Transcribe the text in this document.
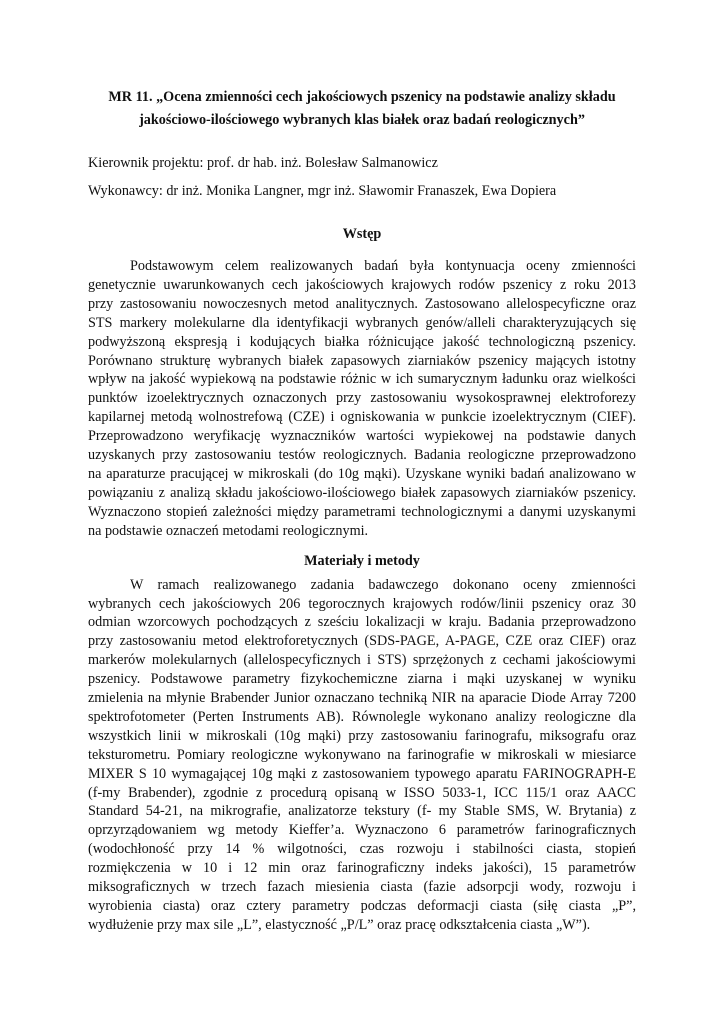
MR 11. „Ocena zmienności cech jakościowych pszenicy na podstawie analizy składu
jakościowo-ilościowego wybranych klas białek oraz badań reologicznych”

Kierownik projektu: prof. dr hab. inż. Bolesław Salmanowicz

Wykonawcy: dr inż. Monika Langner, mgr inż. Sławomir Franaszek, Ewa Dopiera

Wstęp
Podstawowym celem realizowanych badań była kontynuacja oceny zmienności
genetycznie uwarunkowanych cech jakościowych krajowych rodów pszenicy z roku 2013
przy zastosowaniu nowoczesnych metod analitycznych. Zastosowano allelospecyficzne oraz
STS markery molekularne dla identyfikacji wybranych genów/alleli charakteryzujących się
podwyższoną ekspresją i kodujących białka różnicujące jakość technologiczną pszenicy.
Porównano strukturę wybranych białek zapasowych ziarniaków pszenicy mających istotny
wpływ na jakość wypiekową na podstawie różnic w ich sumarycznym ładunku oraz wielkości
punktów izoelektrycznych oznaczonych przy zastosowaniu wysokosprawnej elektroforezy
kapilarnej metodą wolnostrefową (CZE) i ogniskowania w punkcie izoelektrycznym (CIEF).
Przeprowadzono weryfikację wyznaczników wartości wypiekowej na podstawie danych
uzyskanych przy zastosowaniu testów reologicznych. Badania reologiczne przeprowadzono
na aparaturze pracującej w mikroskali (do 10g mąki). Uzyskane wyniki badań analizowano w
powiązaniu z analizą składu jakościowo-ilościowego białek zapasowych ziarniaków pszenicy.
Wyznaczono stopień zależności między parametrami technologicznymi a danymi uzyskanymi
na podstawie oznaczeń metodami reologicznymi.
Materiały i metody
W ramach realizowanego zadania badawczego dokonano oceny zmienności
wybranych cech jakościowych 206 tegorocznych krajowych rodów/linii pszenicy oraz 30
odmian wzorcowych pochodzących z sześciu lokalizacji w kraju. Badania przeprowadzono
przy zastosowaniu metod elektroforetycznych (SDS-PAGE, A-PAGE, CZE oraz CIEF) oraz
markerów molekularnych (allelospecyficznych i STS) sprzężonych z cechami jakościowymi
pszenicy. Podstawowe parametry fizykochemiczne ziarna i mąki uzyskanej w wyniku
zmielenia na młynie Brabender Junior oznaczano techniką NIR na aparacie Diode Array 7200
spektrofotometer (Perten Instruments AB). Równolegle wykonano analizy reologiczne dla
wszystkich linii w mikroskali (10g mąki) przy zastosowaniu farinografu, miksografu oraz
teksturometru. Pomiary reologiczne wykonywano na farinografie w mikroskali w miesiarce
MIXER S 10 wymagającej 10g mąki z zastosowaniem typowego aparatu FARINOGRAPH-E
(f-my Brabender), zgodnie z procedurą opisaną w ISSO 5033-1, ICC 115/1 oraz AACC
Standard 54-21, na mikrografie, analizatorze tekstury (f- my Stable SMS, W. Brytania) z
oprzyrządowaniem wg metody Kieffer’a. Wyznaczono 6 parametrów farinograficznych
(wodochłoność przy 14 % wilgotności, czas rozwoju i stabilności ciasta, stopień
rozmiękczenia w 10 i 12 min oraz farinograficzny indeks jakości), 15 parametrów
miksograficznych w trzech fazach miesienia ciasta (fazie adsorpcji wody, rozwoju i
wyrobienia ciasta) oraz cztery parametry podczas deformacji ciasta (siłę ciasta „P”,
wydłużenie przy max sile „L”, elastyczność „P/L” oraz pracę odkształcenia ciasta „W”).
